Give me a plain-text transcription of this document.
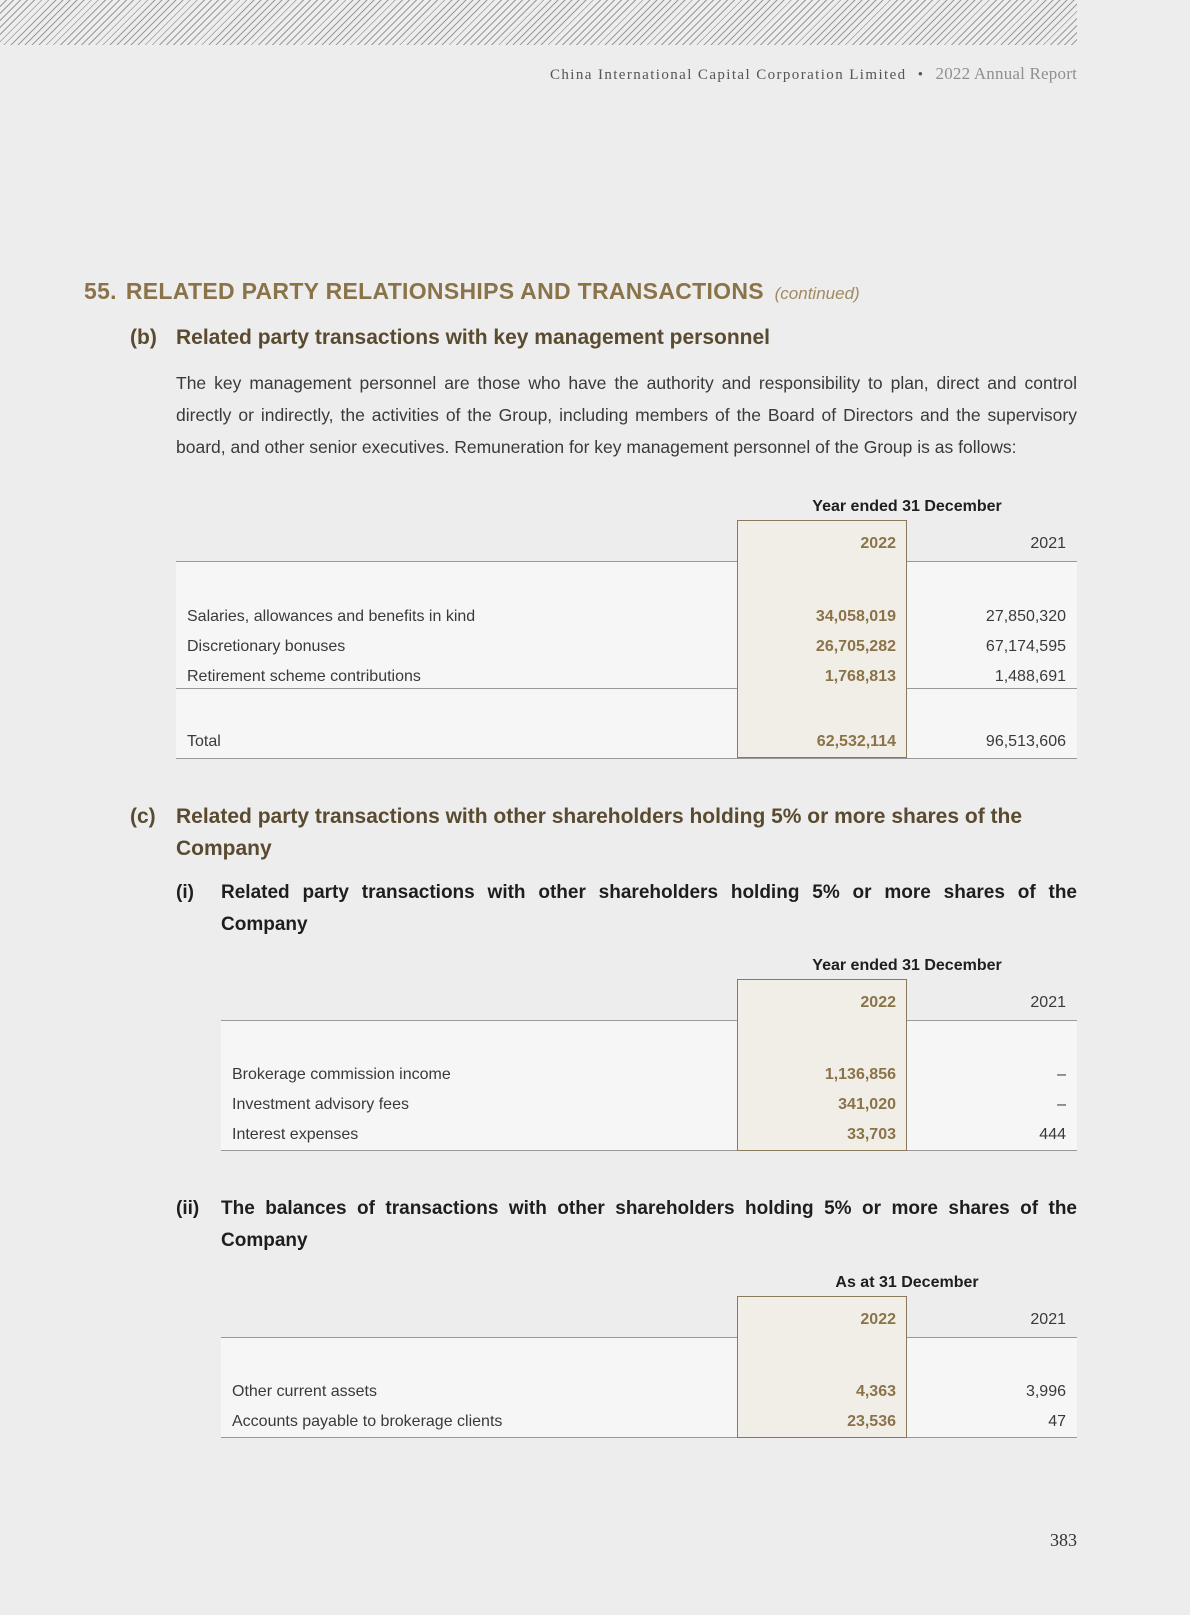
China International Capital Corporation Limited • 2022 Annual Report
55. RELATED PARTY RELATIONSHIPS AND TRANSACTIONS (continued)
(b) Related party transactions with key management personnel
The key management personnel are those who have the authority and responsibility to plan, direct and control directly or indirectly, the activities of the Group, including members of the Board of Directors and the supervisory board, and other senior executives. Remuneration for key management personnel of the Group is as follows:
Year ended 31 December
2022	2021
Salaries, allowances and benefits in kind	34,058,019	27,850,320
Discretionary bonuses	26,705,282	67,174,595
Retirement scheme contributions	1,768,813	1,488,691
Total	62,532,114	96,513,606
(c) Related party transactions with other shareholders holding 5% or more shares of the Company
(i) Related party transactions with other shareholders holding 5% or more shares of the Company
Year ended 31 December
2022	2021
Brokerage commission income	1,136,856	–
Investment advisory fees	341,020	–
Interest expenses	33,703	444
(ii) The balances of transactions with other shareholders holding 5% or more shares of the Company
As at 31 December
2022	2021
Other current assets	4,363	3,996
Accounts payable to brokerage clients	23,536	47
383
